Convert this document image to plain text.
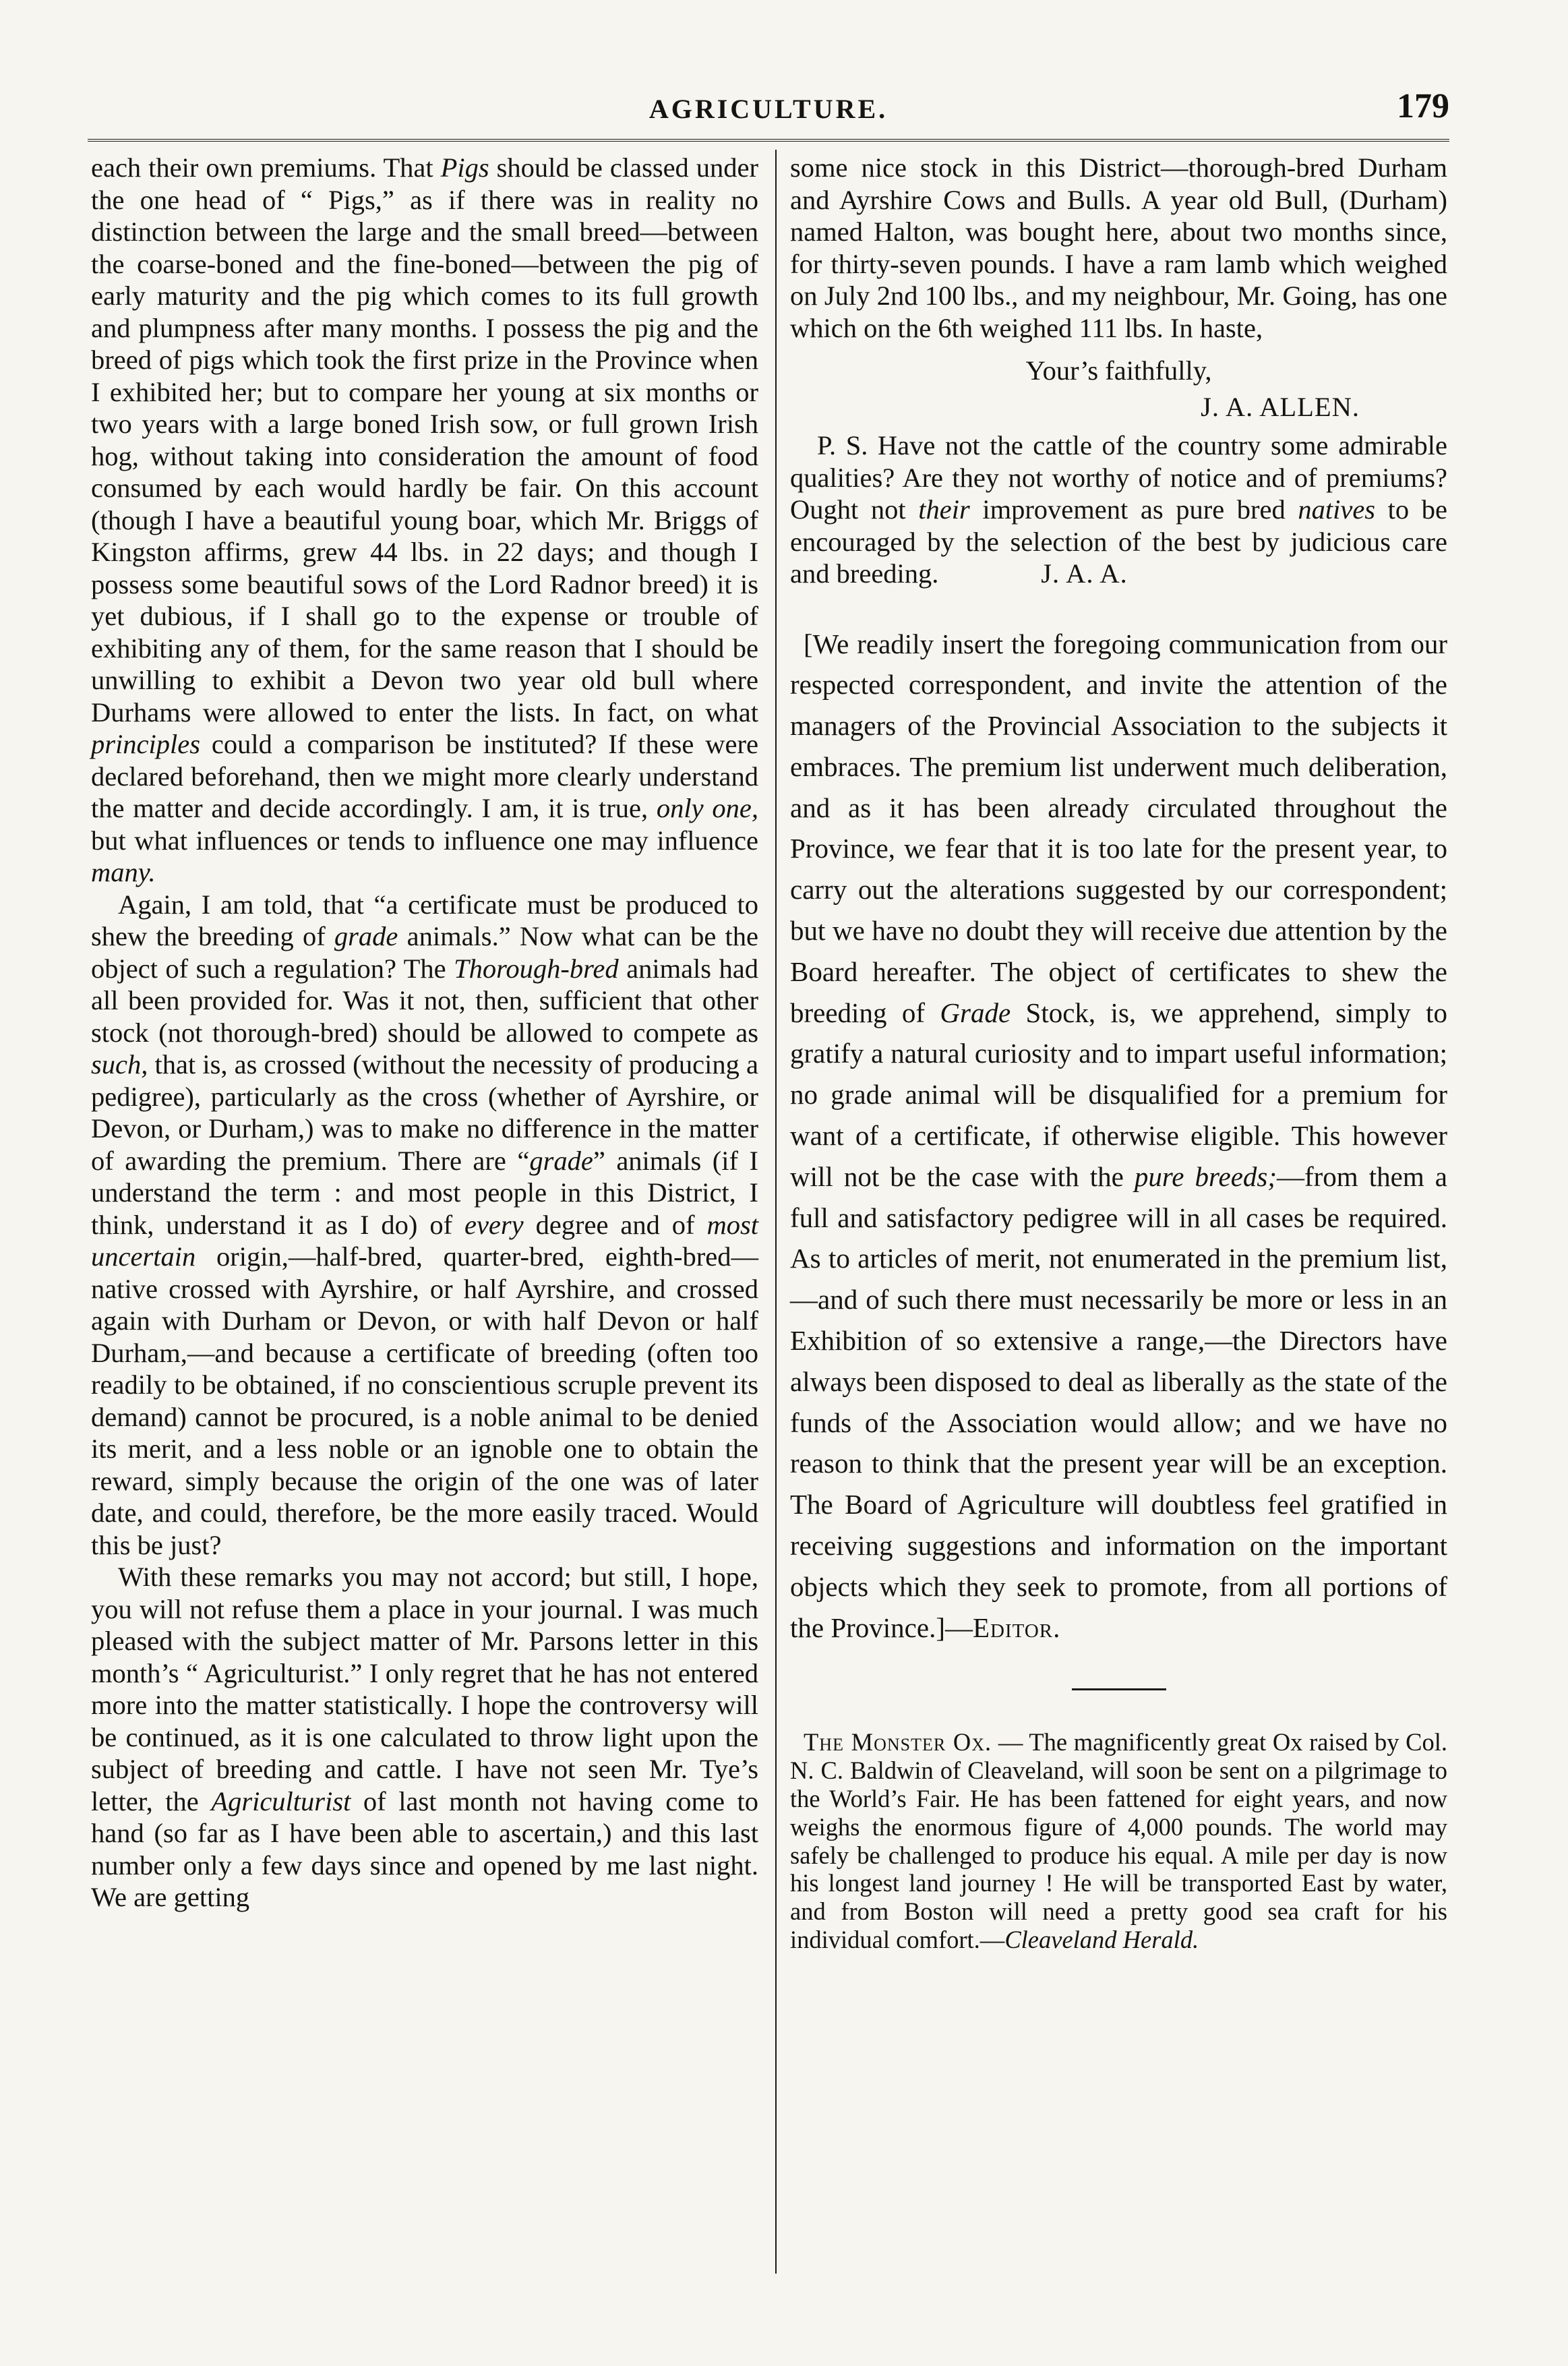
AGRICULTURE.	179

each their own premiums. That Pigs should be classed under the one head of “ Pigs,” as if there was in reality no distinction between the large and the small breed—between the coarse-boned and the fine-boned—between the pig of early maturity and the pig which comes to its full growth and plumpness after many months. I possess the pig and the breed of pigs which took the first prize in the Province when I exhibited her; but to compare her young at six months or two years with a large boned Irish sow, or full grown Irish hog, without taking into consideration the amount of food consumed by each would hardly be fair. On this account (though I have a beautiful young boar, which Mr. Briggs of Kingston affirms, grew 44 lbs. in 22 days; and though I possess some beautiful sows of the Lord Radnor breed) it is yet dubious, if I shall go to the expense or trouble of exhibiting any of them, for the same reason that I should be unwilling to exhibit a Devon two year old bull where Durhams were allowed to enter the lists. In fact, on what principles could a comparison be instituted? If these were declared beforehand, then we might more clearly understand the matter and decide accordingly. I am, it is true, only one, but what influences or tends to influence one may influence many.

Again, I am told, that “a certificate must be produced to shew the breeding of grade animals.” Now what can be the object of such a regulation? The Thorough-bred animals had all been provided for. Was it not, then, sufficient that other stock (not thorough-bred) should be allowed to compete as such, that is, as crossed (without the necessity of producing a pedigree), particularly as the cross (whether of Ayrshire, or Devon, or Durham,) was to make no difference in the matter of awarding the premium. There are “grade” animals (if I understand the term : and most people in this District, I think, understand it as I do) of every degree and of most uncertain origin,—half-bred, quarter-bred, eighth-bred— native crossed with Ayrshire, or half Ayrshire, and crossed again with Durham or Devon, or with half Devon or half Durham,—and because a certificate of breeding (often too readily to be obtained, if no conscientious scruple prevent its demand) cannot be procured, is a noble animal to be denied its merit, and a less noble or an ignoble one to obtain the reward, simply because the origin of the one was of later date, and could, therefore, be the more easily traced. Would this be just?

With these remarks you may not accord; but still, I hope, you will not refuse them a place in your journal. I was much pleased with the subject matter of Mr. Parsons letter in this month’s “ Agriculturist.” I only regret that he has not entered more into the matter statistically. I hope the controversy will be continued, as it is one calculated to throw light upon the subject of breeding and cattle. I have not seen Mr. Tye’s letter, the Agriculturist of last month not having come to hand (so far as I have been able to ascertain,) and this last number only a few days since and opened by me last night. We are getting

some nice stock in this District—thorough-bred Durham and Ayrshire Cows and Bulls. A year old Bull, (Durham) named Halton, was bought here, about two months since, for thirty-seven pounds. I have a ram lamb which weighed on July 2nd 100 lbs., and my neighbour, Mr. Going, has one which on the 6th weighed 111 lbs. In haste,

Your’s faithfully,

J. A. ALLEN.

P. S. Have not the cattle of the country some admirable qualities? Are they not worthy of notice and of premiums? Ought not their improvement as pure bred natives to be encouraged by the selection of the best by judicious care and breeding.	J. A. A.

[We readily insert the foregoing communication from our respected correspondent, and invite the attention of the managers of the Provincial Association to the subjects it embraces. The premium list underwent much deliberation, and as it has been already circulated throughout the Province, we fear that it is too late for the present year, to carry out the alterations suggested by our correspondent; but we have no doubt they will receive due attention by the Board hereafter. The object of certificates to shew the breeding of Grade Stock, is, we apprehend, simply to gratify a natural curiosity and to impart useful information; no grade animal will be disqualified for a premium for want of a certificate, if otherwise eligible. This however will not be the case with the pure breeds;—from them a full and satisfactory pedigree will in all cases be required. As to articles of merit, not enumerated in the premium list,—and of such there must necessarily be more or less in an Exhibition of so extensive a range,—the Directors have always been disposed to deal as liberally as the state of the funds of the Association would allow; and we have no reason to think that the present year will be an exception. The Board of Agriculture will doubtless feel gratified in receiving suggestions and information on the important objects which they seek to promote, from all portions of the Province.]—Editor.

The Monster Ox. — The magnificently great Ox raised by Col. N. C. Baldwin of Cleaveland, will soon be sent on a pilgrimage to the World’s Fair. He has been fattened for eight years, and now weighs the enormous figure of 4,000 pounds. The world may safely be challenged to produce his equal. A mile per day is now his longest land journey ! He will be transported East by water, and from Boston will need a pretty good sea craft for his individual comfort.—Cleaveland Herald.
